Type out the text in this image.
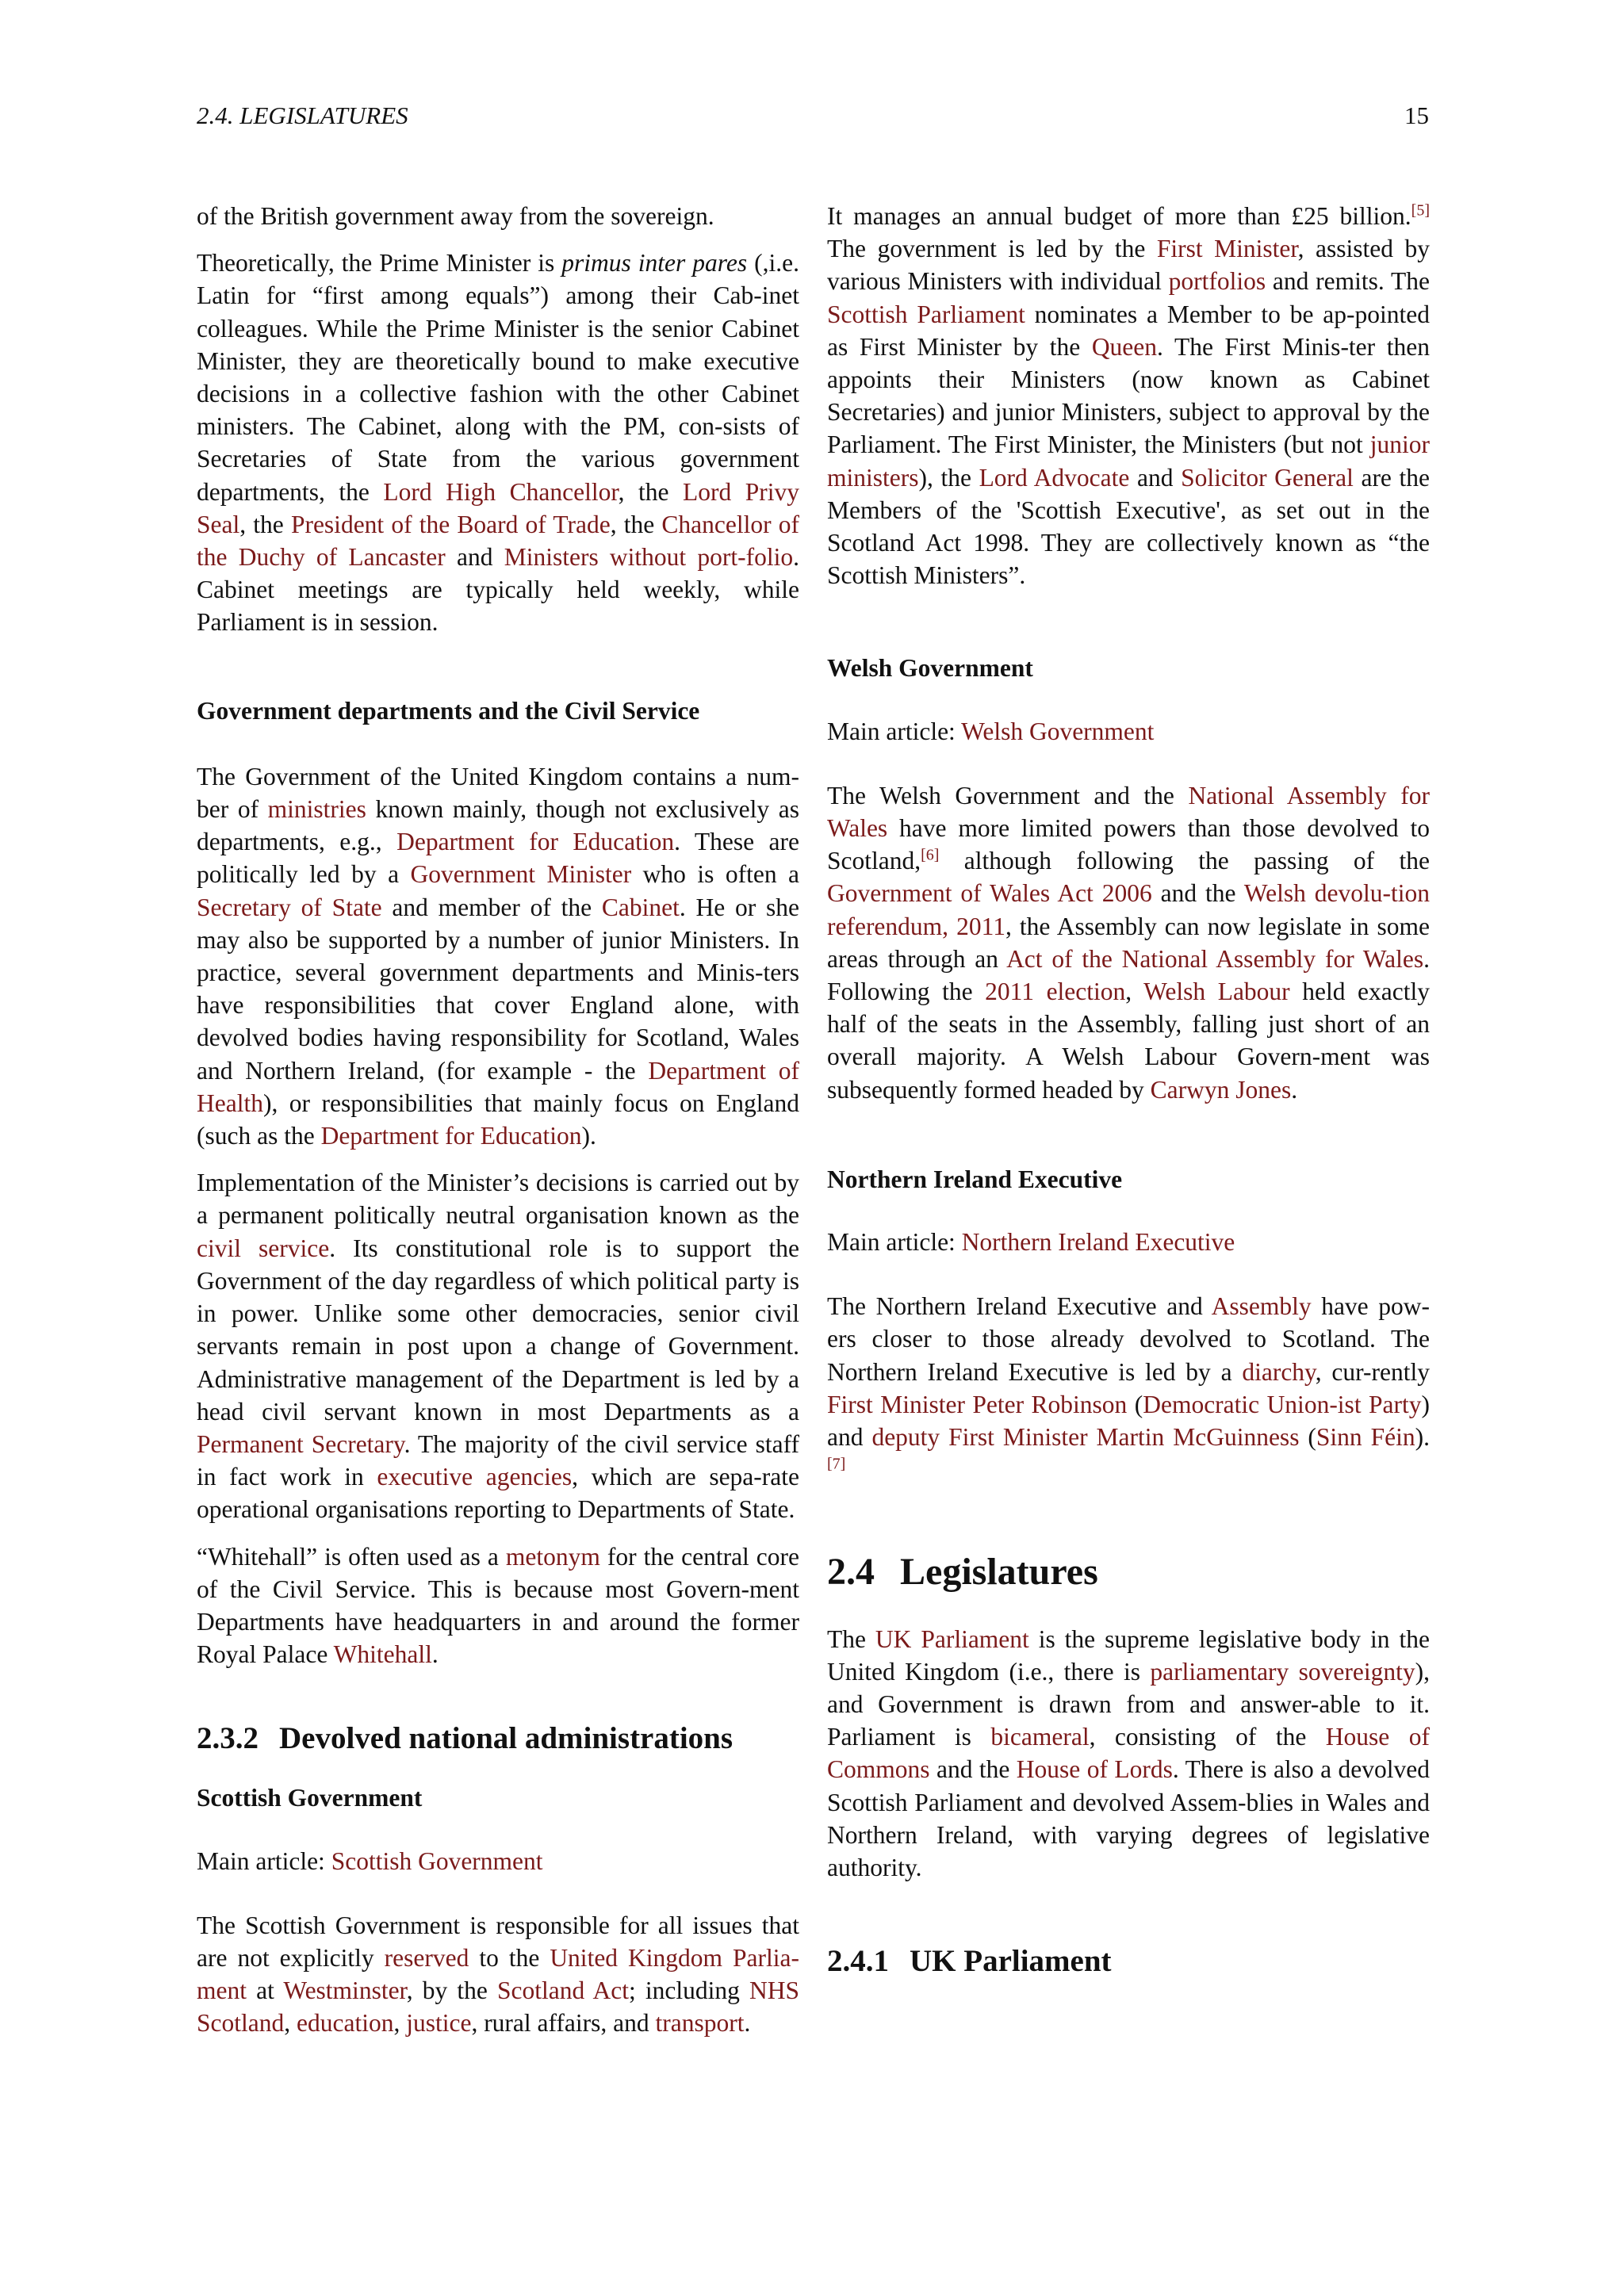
2.4. LEGISLATURES	15

of the British government away from the sovereign.

Theoretically, the Prime Minister is primus inter pares (,i.e. Latin for “first among equals”) among their Cab-inet colleagues. While the Prime Minister is the senior Cabinet Minister, they are theoretically bound to make executive decisions in a collective fashion with the other Cabinet ministers. The Cabinet, along with the PM, con-sists of Secretaries of State from the various government departments, the Lord High Chancellor, the Lord Privy Seal, the President of the Board of Trade, the Chancellor of the Duchy of Lancaster and Ministers without port-folio. Cabinet meetings are typically held weekly, while Parliament is in session.

Government departments and the Civil Service

The Government of the United Kingdom contains a num-ber of ministries known mainly, though not exclusively as departments, e.g., Department for Education. These are politically led by a Government Minister who is often a Secretary of State and member of the Cabinet. He or she may also be supported by a number of junior Ministers. In practice, several government departments and Minis-ters have responsibilities that cover England alone, with devolved bodies having responsibility for Scotland, Wales and Northern Ireland, (for example - the Department of Health), or responsibilities that mainly focus on England (such as the Department for Education).

Implementation of the Minister’s decisions is carried out by a permanent politically neutral organisation known as the civil service. Its constitutional role is to support the Government of the day regardless of which political party is in power. Unlike some other democracies, senior civil servants remain in post upon a change of Government. Administrative management of the Department is led by a head civil servant known in most Departments as a Permanent Secretary. The majority of the civil service staff in fact work in executive agencies, which are sepa-rate operational organisations reporting to Departments of State.

“Whitehall” is often used as a metonym for the central core of the Civil Service. This is because most Govern-ment Departments have headquarters in and around the former Royal Palace Whitehall.

2.3.2 Devolved national administrations
Scottish Government

Main article: Scottish Government

The Scottish Government is responsible for all issues that are not explicitly reserved to the United Kingdom Parlia-ment at Westminster, by the Scotland Act; including NHS Scotland, education, justice, rural affairs, and transport.

It manages an annual budget of more than £25 billion.[5] The government is led by the First Minister, assisted by various Ministers with individual portfolios and remits. The Scottish Parliament nominates a Member to be ap-pointed as First Minister by the Queen. The First Minis-ter then appoints their Ministers (now known as Cabinet Secretaries) and junior Ministers, subject to approval by the Parliament. The First Minister, the Ministers (but not junior ministers), the Lord Advocate and Solicitor General are the Members of the 'Scottish Executive', as set out in the Scotland Act 1998. They are collectively known as “the Scottish Ministers”.

Welsh Government

Main article: Welsh Government

The Welsh Government and the National Assembly for Wales have more limited powers than those devolved to Scotland,[6] although following the passing of the Government of Wales Act 2006 and the Welsh devolu-tion referendum, 2011, the Assembly can now legislate in some areas through an Act of the National Assembly for Wales. Following the 2011 election, Welsh Labour held exactly half of the seats in the Assembly, falling just short of an overall majority. A Welsh Labour Govern-ment was subsequently formed headed by Carwyn Jones.

Northern Ireland Executive

Main article: Northern Ireland Executive

The Northern Ireland Executive and Assembly have pow-ers closer to those already devolved to Scotland. The Northern Ireland Executive is led by a diarchy, cur-rently First Minister Peter Robinson (Democratic Union-ist Party) and deputy First Minister Martin McGuinness (Sinn Féin).[7]

2.4 Legislatures

The UK Parliament is the supreme legislative body in the United Kingdom (i.e., there is parliamentary sovereignty), and Government is drawn from and answer-able to it. Parliament is bicameral, consisting of the House of Commons and the House of Lords. There is also a devolved Scottish Parliament and devolved Assem-blies in Wales and Northern Ireland, with varying degrees of legislative authority.

2.4.1 UK Parliament
